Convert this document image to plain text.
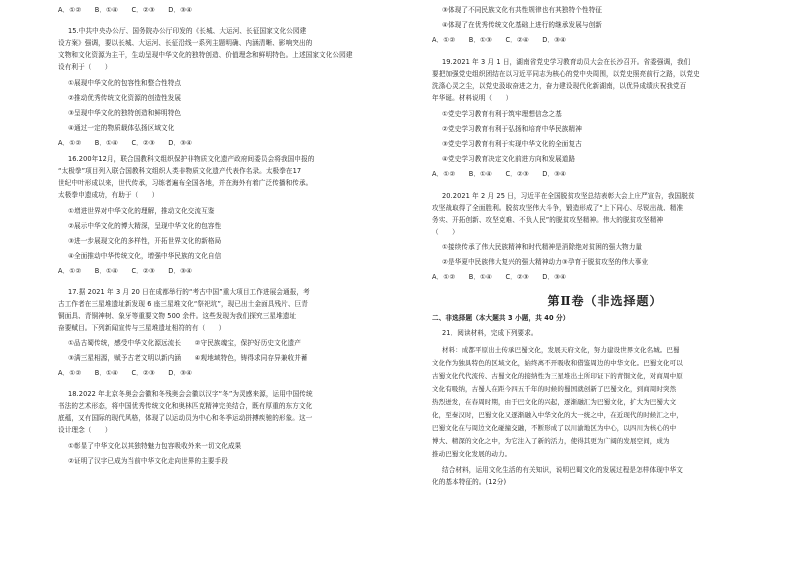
A．①②　　B．①④　　C．②③　　D．③④
15.中共中央办公厅、国务院办公厅印发的《长城、大运河、长征国家文化公园建
设方案》强调，要以长城、大运河、长征沿线一系列主题明确、内涵清晰、影响突出的
文物和文化资源为主干，生动呈现中华文化的独特创造、价值理念和鲜明特色。上述国家文化公园建
设有利于（　　）
①展现中华文化的包容性和整合性特点
②推动优秀传统文化资源的创造性发展
③呈现中华文化的独特创造和鲜明特色
④通过一定的物质载体弘扬区域文化
A．①②　　B．①④　　C．②③　　D．③④
16.200年12月，联合国教科文组织保护非物质文化遗产政府间委员会将我国申报的
“太极拳”项目列入联合国教科文组织人类非物质文化遗产代表作名录。太极拳在17
世纪中叶形成以来，世代传承，习练者遍布全国各地，并在海外有着广泛传播和传承。
太极拳申遗成功，有助于（　　）
①增进世界对中华文化的理解，推动文化交流互鉴
②展示中华文化的博大精深，呈现中华文化的包容性
③进一步展现文化的多样性，开拓世界文化的新格局
④全面推动中华传统文化，增强中华民族的文化自信
A．①②　　B．①④　　C．②③　　D．③④
17.据 2021 年 3 月 20 日在成都举行的“考古中国”重大项目工作进展会通报，考
古工作者在三星堆遗址新发现 6 座三星堆文化“祭祀坑”，现已出土金面具残片、巨青
铜面具、青铜神树、象牙等重要文物 500 余件。这些发现为我们探究三星堆遗址
奋要赋目。下列新闻宣传与三星堆遗址相符的有（　　）
①品古蜀传统，感受中华文化源远流长　　②守民族魂宝，保护好历史文化遗产
③满三星相源，赋予古老文明以新内涵　　④观地域特色，铸得求同存异兼收并蓄
A．①②　　B．①④　　C．②③　　D．③④
18.2022 年北京冬奥会会徽和冬残奥会会徽以汉字“冬”为灵感来源，运用中国传统
书法的艺术形态，将中国优秀传统文化和奥林匹克精神完美结合，既有厚重的东方文化
底蕴，又有国际的现代风格，体现了以运动员为中心和冬季运动拼搏疾驰的形象。这一
设计理念（　　）
①彰显了中华文化以其独特魅力包容吸收外来一切文化成果
②证明了汉字已成为当前中华文化走向世界的主要手段
第Ⅱ卷（非选择题）
③体现了不同民族文化有共性规律也有其独特个性特征
④体现了在优秀传统文化基础上进行的继承发展与创新
A．①②　　B．①③　　C．②④　　D．③④
19.2021 年 3 月 1 日，湖南省党史学习教育动员大会在长沙召开。省委强调，我们
要把加强党史组织团结在以习近平同志为核心的党中央周围，以党史照亮前行之路，以党史
洗涤心灵之尘，以党史汲取奋进之力，奋力建设现代化新湖南，以优异成绩庆祝我党百
年华诞。材料说明（　　）
①党史学习教育有利于筑牢理想信念之基
②党史学习教育有利于弘扬和培育中华民族精神
③党史学习教育有利于实现中华文化的全面复古
④党史学习教育决定文化前进方向和发展道路
A．①②　　B．①④　　C．②③　　D．③④
20.2021 年 2 月 25 日，习近平在全国脱贫攻坚总结表彰大会上庄严宣告，我国脱贫
攻坚战取得了全面胜利。脱贫攻坚伟大斗争，锻造形成了“上下同心、尽锐出战、精准
务实、开拓创新、攻坚克难、不负人民”的脱贫攻坚精神。伟大的脱贫攻坚精神
（　　）
①接续传承了伟大民族精神和时代精神是消除绝对贫困的强大物力量
②是华夏中民族伟大复兴的强大精神动力③孕育于脱贫攻坚的伟大事业
A．①②　　B．①④　　C．②③　　D．③④
二、非选择题（本大题共 3 小题，共 40 分）
21．阅读材料，完成下列要求。
材料：成都平原出土传承巴蜀文化，发展天府文化，努力建设世界文化名城。巴蜀
文化作为独具特色的区域文化，始终离不开吸收和借鉴周边的中华文化。巴蜀文化可以
古蜀文化代代流传、古蜀文化的接纳性为三星堆出土所印证下的青铜文化，对商周中原
文化有吸纳，古蜀人在距今四五千年的时候的蜀国就创新了巴蜀文化，到商周时突然
热烈迸发，在春周时期，由于巴文化的兴起，逐渐融汇为巴蜀文化，扩大为巴蜀大文
化，至秦汉时，巴蜀文化又逐渐融入中华文化的大一统之中，在近现代的时候汇之中，
巴蜀文化在与周边文化碰撞交融，不断形成了以川渝地区为中心，以四川为核心的中
博大、精深的文化之中，为它注入了新的活力，使得其更为广阔的发展空间，成为
推动巴蜀文化发展的动力。
结合材料，运用文化生活的有关知识，说明巴蜀文化的发展过程是怎样体现中华文
化的基本特征的。(12分)
